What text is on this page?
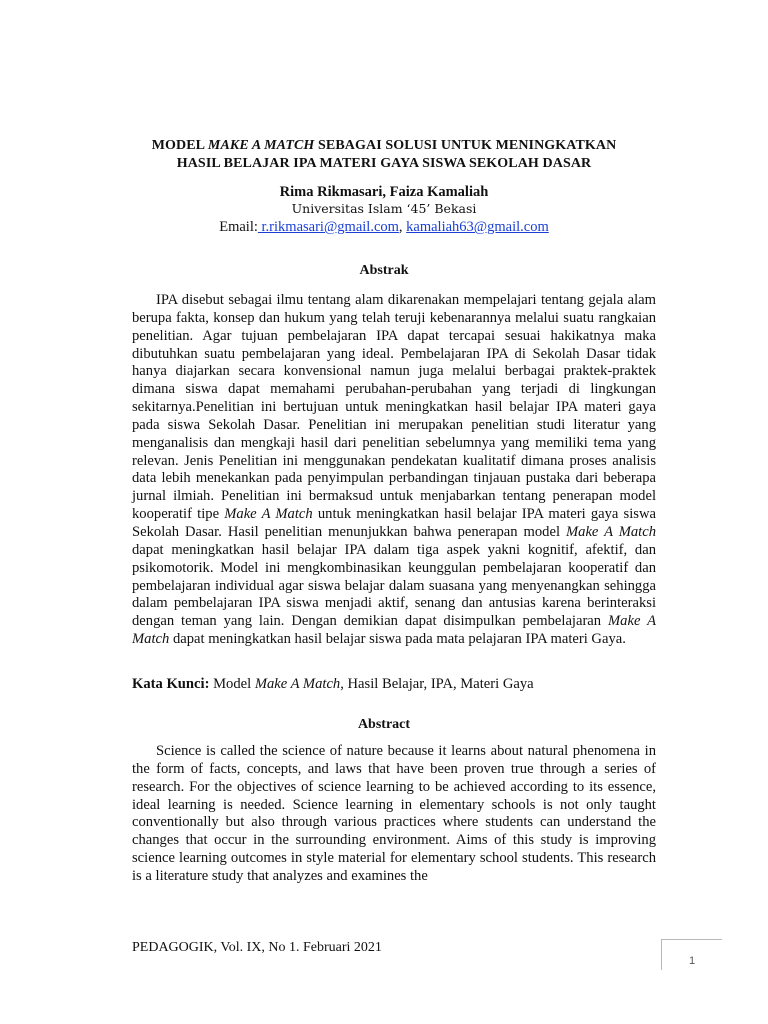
MODEL MAKE A MATCH SEBAGAI SOLUSI UNTUK MENINGKATKAN
HASIL BELAJAR IPA MATERI GAYA SISWA SEKOLAH DASAR
Rima Rikmasari, Faiza Kamaliah
Universitas Islam ‘45’ Bekasi
Email: r.rikmasari@gmail.com, kamaliah63@gmail.com
Abstrak

IPA disebut sebagai ilmu tentang alam dikarenakan mempelajari tentang gejala alam berupa fakta, konsep dan hukum yang telah teruji kebenarannya melalui suatu rangkaian penelitian. Agar tujuan pembelajaran IPA dapat tercapai sesuai hakikatnya maka dibutuhkan suatu pembelajaran yang ideal. Pembelajaran IPA di Sekolah Dasar tidak hanya diajarkan secara konvensional namun juga melalui berbagai praktek-praktek dimana siswa dapat memahami perubahan-perubahan yang terjadi di lingkungan sekitarnya.Penelitian ini bertujuan untuk meningkatkan hasil belajar IPA materi gaya pada siswa Sekolah Dasar. Penelitian ini merupakan penelitian studi literatur yang menganalisis dan mengkaji hasil dari penelitian sebelumnya yang memiliki tema yang relevan. Jenis Penelitian ini menggunakan pendekatan kualitatif dimana proses analisis data lebih menekankan pada penyimpulan perbandingan tinjauan pustaka dari beberapa jurnal ilmiah. Penelitian ini bermaksud untuk menjabarkan tentang penerapan model kooperatif tipe Make A Match untuk meningkatkan hasil belajar IPA materi gaya siswa Sekolah Dasar. Hasil penelitian menunjukkan bahwa penerapan model Make A Match dapat meningkatkan hasil belajar IPA dalam tiga aspek yakni kognitif, afektif, dan psikomotorik. Model ini mengkombinasikan keunggulan pembelajaran kooperatif dan pembelajaran individual agar siswa belajar dalam suasana yang menyenangkan sehingga dalam pembelajaran IPA siswa menjadi aktif, senang dan antusias karena berinteraksi dengan teman yang lain. Dengan demikian dapat disimpulkan pembelajaran Make A Match dapat meningkatkan hasil belajar siswa pada mata pelajaran IPA materi Gaya.

Kata Kunci: Model Make A Match, Hasil Belajar, IPA, Materi Gaya
Abstract

Science is called the science of nature because it learns about natural phenomena in the form of facts, concepts, and laws that have been proven true through a series of research. For the objectives of science learning to be achieved according to its essence, ideal learning is needed. Science learning in elementary schools is not only taught conventionally but also through various practices where students can understand the changes that occur in the surrounding environment. Aims of this study is improving science learning outcomes in style material for elementary school students. This research is a literature study that analyzes and examines the

PEDAGOGIK, Vol. IX, No 1. Februari 2021
1
